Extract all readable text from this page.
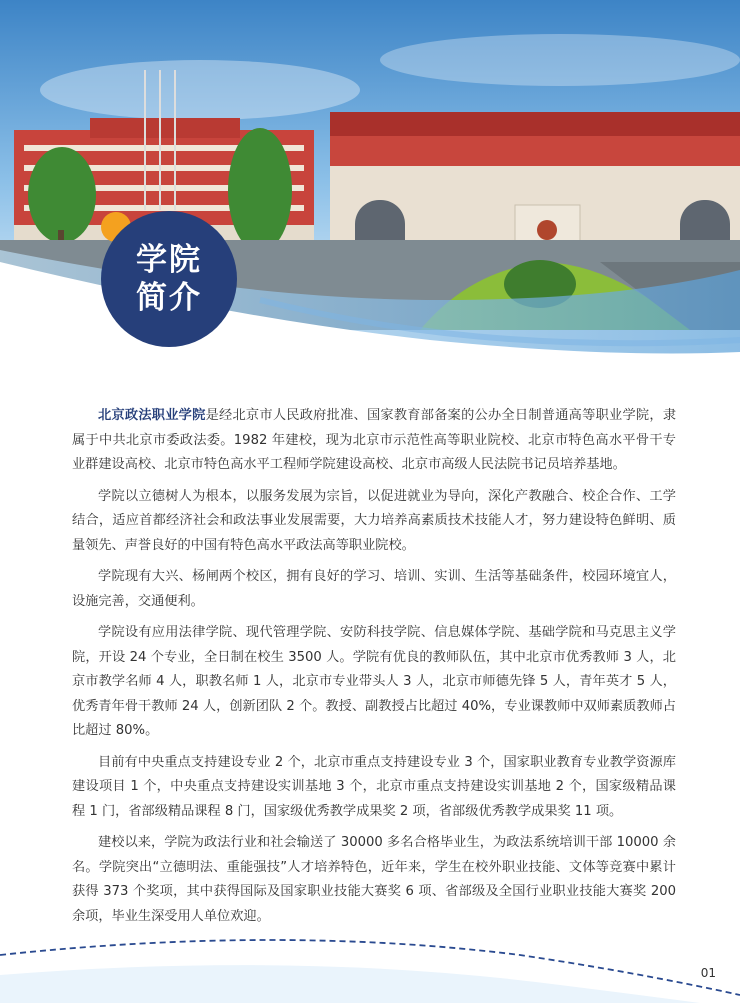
学院
简介

北京政法职业学院是经北京市人民政府批准、国家教育部备案的公办全日制普通高等职业学院，隶属于中共北京市委政法委。1982 年建校，现为北京市示范性高等职业院校、北京市特色高水平骨干专业群建设高校、北京市特色高水平工程师学院建设高校、北京市高级人民法院书记员培养基地。

学院以立德树人为根本，以服务发展为宗旨，以促进就业为导向，深化产教融合、校企合作、工学结合，适应首都经济社会和政法事业发展需要，大力培养高素质技术技能人才，努力建设特色鲜明、质量领先、声誉良好的中国有特色高水平政法高等职业院校。

学院现有大兴、杨闸两个校区，拥有良好的学习、培训、实训、生活等基础条件，校园环境宜人，设施完善，交通便利。

学院设有应用法律学院、现代管理学院、安防科技学院、信息媒体学院、基础学院和马克思主义学院，开设 24 个专业，全日制在校生 3500 人。学院有优良的教师队伍，其中北京市优秀教师 3 人，北京市教学名师 4 人，职教名师 1 人，北京市专业带头人 3 人，北京市师德先锋 5 人，青年英才 5 人，优秀青年骨干教师 24 人，创新团队 2 个。教授、副教授占比超过 40%，专业课教师中双师素质教师占比超过 80%。

目前有中央重点支持建设专业 2 个，北京市重点支持建设专业 3 个，国家职业教育专业教学资源库建设项目 1 个，中央重点支持建设实训基地 3 个，北京市重点支持建设实训基地 2 个，国家级精品课程 1 门，省部级精品课程 8 门，国家级优秀教学成果奖 2 项，省部级优秀教学成果奖 11 项。

建校以来，学院为政法行业和社会输送了 30000 多名合格毕业生，为政法系统培训干部 10000 余名。学院突出“立德明法、重能强技”人才培养特色，近年来，学生在校外职业技能、文体等竞赛中累计获得 373 个奖项，其中获得国际及国家职业技能大赛奖 6 项、省部级及全国行业职业技能大赛奖 200 余项，毕业生深受用人单位欢迎。

01
